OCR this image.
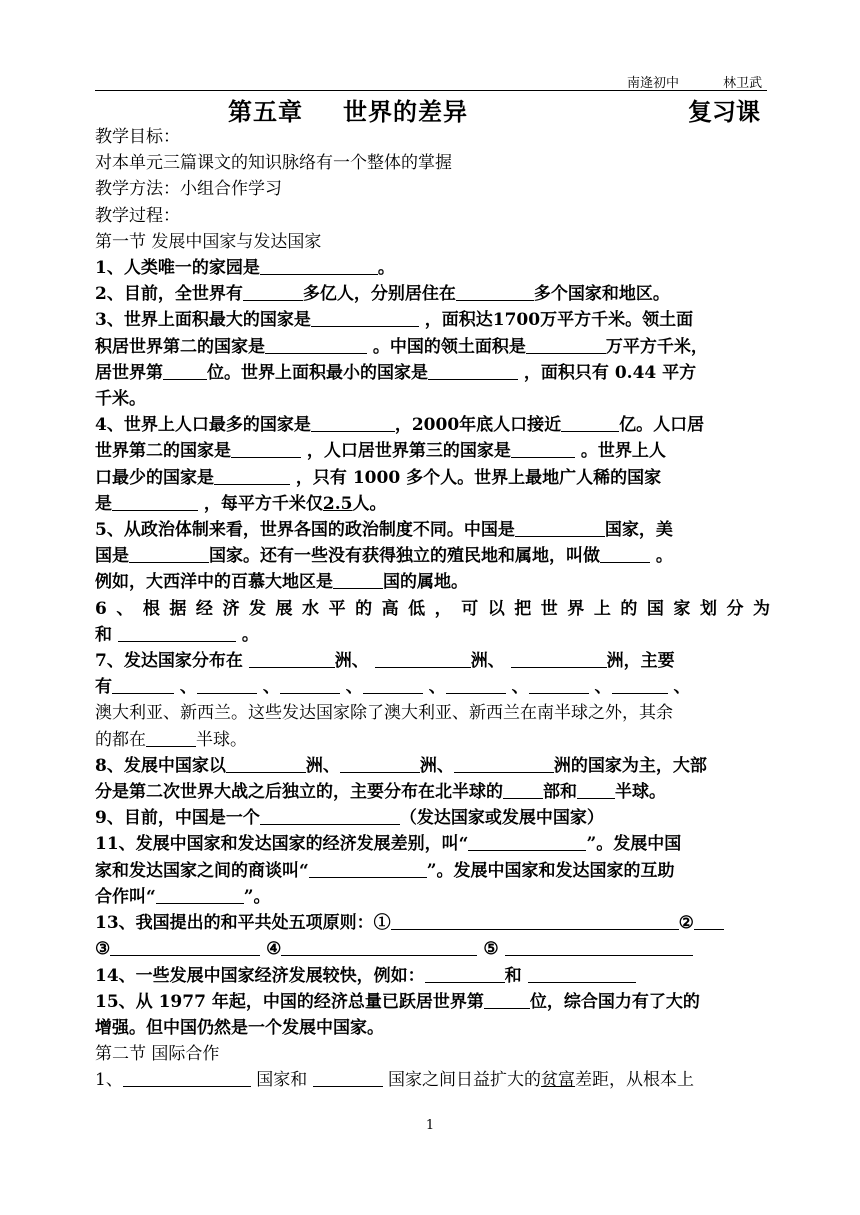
南逄初中	林卫武
第五章 世界的差异	复习课
教学目标：
对本单元三篇课文的知识脉络有一个整体的掌握
教学方法：小组合作学习
教学过程：
第一节 发展中国家与发达国家
1、人类唯一的家园是	。
2、目前，全世界有	多亿人，分别居住在	多个国家和地区。
3、世界上面积最大的国家是	，面积达1700万平方千米。领土面
积居世界第二的国家是	。中国的领土面积是	万平方千米，
居世界第	位。世界上面积最小的国家是	，面积只有 0.44 平方
千米。
4、世界上人口最多的国家是	，2000年底人口接近	亿。人口居
世界第二的国家是	，人口居世界第三的国家是	。世界上人
口最少的国家是	，只有 1000 多个人。世界上最地广人稀的国家
是	，每平方千米仅2.5人。
5、从政治体制来看，世界各国的政治制度不同。中国是	国家，美
国是	国家。还有一些没有获得独立的殖民地和属地，叫做	。
例如，大西洋中的百慕大地区是	国的属地。
6、根据经济发展水平的高低，可以把世界上的国家划分为
和	。
7、发达国家分布在	洲、	洲、	洲，主要
有	、	、	、	、	、	、	、
澳大利亚、新西兰。这些发达国家除了澳大利亚、新西兰在南半球之外，其余
的都在	半球。
8、发展中国家以	洲、	洲、	洲的国家为主，大部
分是第二次世界大战之后独立的，主要分布在北半球的 部和 半球。
9、目前，中国是一个	（发达国家或发展中国家）
11、发展中国家和发达国家的经济发展差别，叫“	”。发展中国
家和发达国家之间的商谈叫“	”。发展中国家和发达国家的互助
合作叫“	”。
13、我国提出的和平共处五项原则：①	②
③	④	⑤
14、一些发展中国家经济发展较快，例如：	和
15、从 1977 年起，中国的经济总量已跃居世界第	位，综合国力有了大的
增强。但中国仍然是一个发展中国家。
第二节 国际合作
1、	国家和	国家之间日益扩大的贫富差距，从根本上
1
